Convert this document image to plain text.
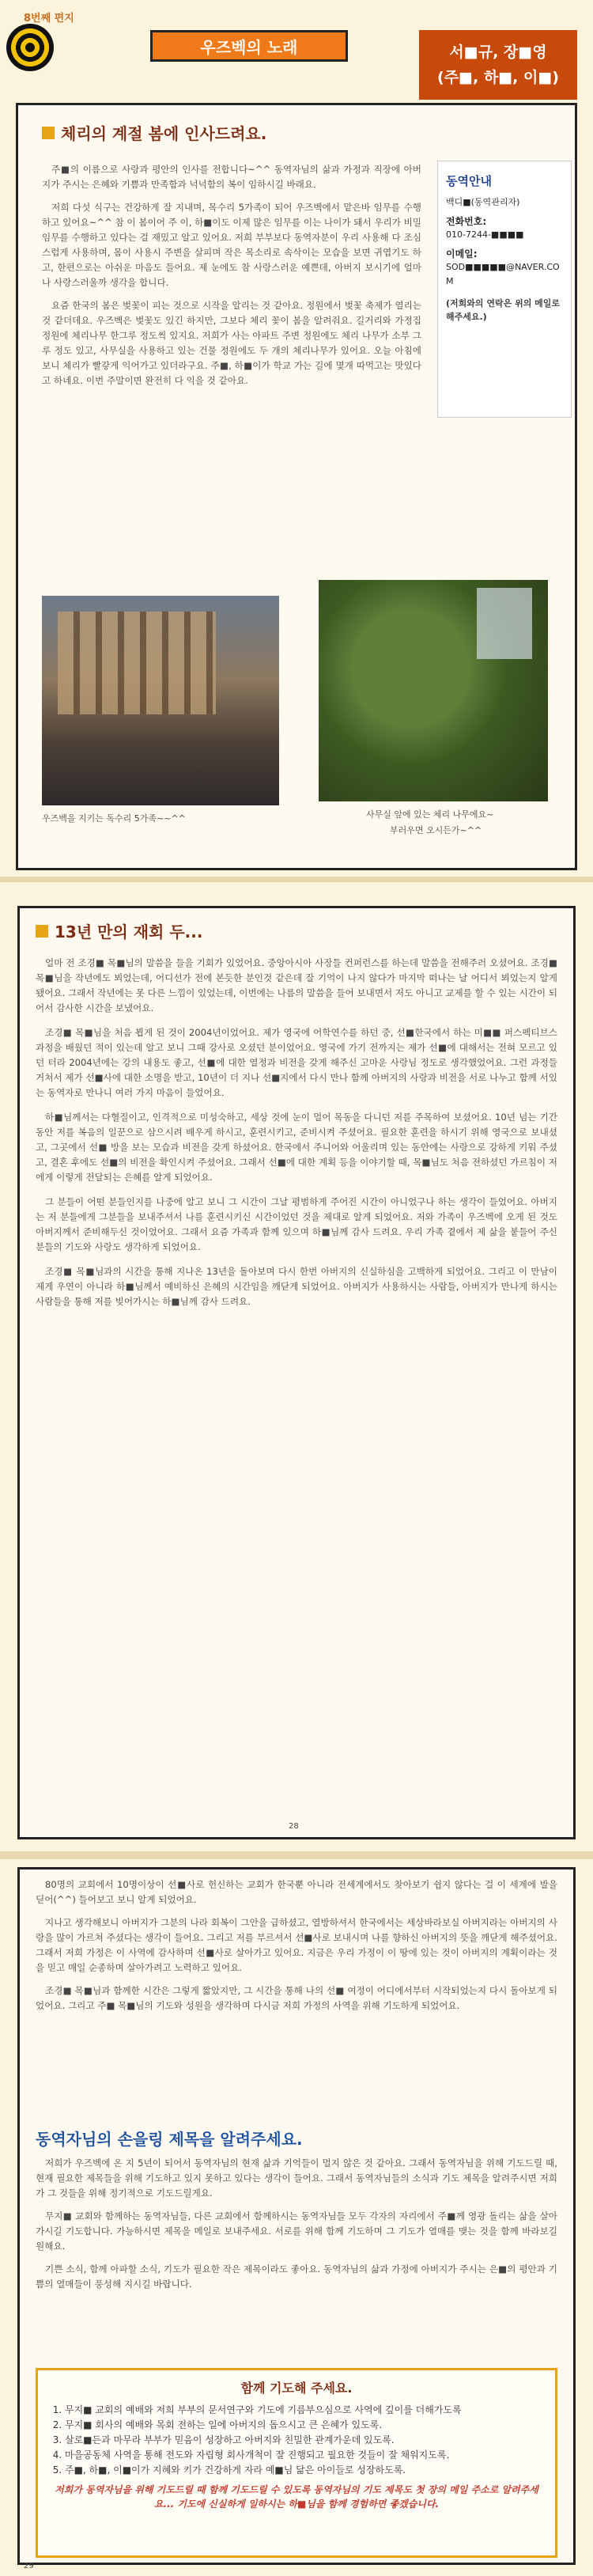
8번째 편지
우즈벡의 노래	서■규, 장■영
(주■, 하■, 이■)
체리의 계절 봄에 인사드려요.

주■의 이름으로 사랑과 평안의 인사를 전합니다~^^ 동역자님의 삶과 가정과 직장에 아버지가 주시는 은혜와 기쁨과 만족함과 넉넉함의 복이 임하시길 바래요.

저희 다섯 식구는 건강하게 잘 지내며, 목수리 5가족이 되어 우즈벡에서 맡은바 임무를 수행하고 있어요~^^ 참 이 봄이어 주 이, 하■이도 이제 많은 임무를 이는 나이가 돼서 우리가 비밀 임무를 수행하고 있다는 걸 재밌고 알고 있어요. 저희 부부보다 동역자분이 우리 사용해 다 조심스럽게 사용하며, 몸이 사용시 주변을 살피며 작은 목소리로 속삭이는 모습을 보면 귀엽기도 하고, 한편으로는 아쉬운 마음도 들어요. 제 눈에도 참 사랑스러운 예쁜데, 아버지 보시기에 얼마나 사랑스러울까 생각을 합니다.

요즘 한국의 봄은 벚꽃이 피는 것으로 시작을 알리는 것 같아요. 정원에서 벚꽃 축제가 열리는 것 같더데요. 우즈벡은 벚꽃도 있긴 하지만, 그보다 체리 꽃이 봄을 알려줘요. 길거리와 가정집 정원에 체리나무 한그루 정도씩 있지요. 저희가 사는 아파트 주변 정원에도 체리 나무가 소부 그루 정도 있고, 사무실을 사용하고 있는 건물 정원에도 두 개의 체리나무가 있어요. 오늘 아침에 보니 체리가 빨갛게 익어가고 있더라구요. 주■, 하■이가 학교 가는 길에 몇개 따먹고는 맛있다고 하네요. 이번 주말이면 완전히 다 익을 것 같아요.

동역안내
백디■(동역관리자)
전화번호:
010-7244-■■■■
이메일:
SOD■■■■■@NAVER.COM
(저희와의 연락은 위의 메일로 해주세요.)
우즈벡을 지키는 독수리 5가족~~^^	사무실 앞에 있는 체리 나무에요~
부러우면 오시든가~^^
13년 만의 재회 두...

얼마 전 조경■ 목■님의 말씀을 들을 기회가 있었어요. 중앙아시아 사장들 컨퍼런스를 하는데 말씀을 전해주러 오셨어요. 조경■ 목■님을 작년에도 뵈었는데, 어디선가 전에 본듯한 분인것 같은데 잘 기억이 나지 않다가 마지막 떠나는 날 어디서 뵈었는지 알게 됐어요. 그래서 작년에는 못 다른 느낌이 있었는데, 이번에는 나름의 말씀을 들어 보내면서 저도 아니고 교제를 할 수 있는 시간이 되어서 감사한 시간을 보냈어요.

조경■ 목■님을 처음 뵙게 된 것이 2004년이었어요. 제가 영국에 어학연수를 하던 중, 선■한국에서 하는 미■■ 퍼스펙티브스 과정을 배웠던 적이 있는데 알고 보니 그때 강사로 오셨던 분이었어요. 영국에 가기 전까지는 제가 선■에 대해서는 전혀 모르고 있던 터라 2004년에는 강의 내용도 좋고, 선■에 대한 열정과 비전을 갖게 해주신 고마운 사랑님 정도로 생각했었어요. 그런 과정들 거쳐서 제가 선■사에 대한 소명을 받고, 10년이 더 지나 선■지에서 다시 만나 함께 아버지의 사랑과 비전을 서로 나누고 함께 서있는 동역자로 만나니 여러 가지 마음이 들었어요.

하■님께서는 다혈질이고, 인격적으로 미성숙하고, 세상 것에 눈이 멀어 목동을 다니던 저를 주목하여 보셨어요. 10년 넘는 기간 동안 저를 복음의 일꾼으로 삼으시려 배우게 하시고, 훈련시키고, 준비시켜 주셨어요. 필요한 훈련을 하시기 위해 영국으로 보내셨고, 그곳에서 선■ 방을 보는 모습과 비전을 갖게 하셨어요. 한국에서 주니어와 어울리며 있는 동안에는 사랑으로 강하게 키워 주셨고, 결혼 후에도 선■의 비전을 확인시켜 주셨어요. 그래서 선■에 대한 계획 등을 이야기할 때, 목■님도 처음 전하셨던 가르침이 저에게 이렇게 전달되는 은혜를 알게 되었어요.

그 분들이 어떤 분들인지를 나중에 알고 보니 그 시간이 그날 평범하게 주어진 시간이 아니었구나 하는 생각이 들었어요. 아버지는 저 분들에게 그분들을 보내주셔서 나를 훈련시키신 시간이었던 것을 제대로 알게 되었어요. 저와 가족이 우즈벡에 오게 된 것도 아버지께서 준비해두신 것이었어요. 그래서 요즘 가족과 함께 있으며 하■님께 감사 드려요. 우리 가족 곁에서 제 삶을 붙들어 주신 분들의 기도와 사랑도 생각하게 되었어요.

조경■ 목■님과의 시간을 통해 지나온 13년을 돌아보며 다시 한번 아버지의 신실하심을 고백하게 되었어요. 그리고 이 만남이 제게 우연이 아니라 하■님께서 예비하신 은혜의 시간임을 깨닫게 되었어요. 아버지가 사용하시는 사람들, 아버지가 만나게 하시는 사람들을 통해 저를 빚어가시는 하■님께 감사 드려요.

28

80명의 교회에서 10명이상이 선■사로 헌신하는 교회가 한국뿐 아니라 전세계에서도 찾아보기 쉽지 않다는 걸 이 세계에 발을 딛어(^^) 들어보고 보니 알게 되었어요.

지나고 생각해보니 아버지가 그분의 나라 회복이 그안을 급하셨고, 열방하셔서 한국에서는 세상바라보실 아버지라는 아버지의 사랑을 많이 가르쳐 주셨다는 생각이 들어요. 그리고 저를 부르셔서 선■사로 보내시며 나를 향하신 아버지의 뜻을 깨닫게 해주셨어요. 그래서 저희 가정은 이 사역에 감사하며 선■사로 살아가고 있어요. 지금은 우리 가정이 이 땅에 있는 것이 아버지의 계획이라는 것을 믿고 매일 순종하며 살아가려고 노력하고 있어요.

조경■ 목■님과 함께한 시간은 그렇게 짧았지만, 그 시간을 통해 나의 선■ 여정이 어디에서부터 시작되었는지 다시 돌아보게 되었어요. 그리고 주■ 목■님의 기도와 성원을 생각하며 다시금 저희 가정의 사역을 위해 기도하게 되었어요.

동역자님의 손을링 제목을 알려주세요.

저희가 우즈벡에 온 지 5년이 되어서 동역자님의 현재 삶과 기억들이 멀지 않은 것 같아요. 그래서 동역자님을 위해 기도드릴 때, 현재 필요한 제목들을 위해 기도하고 있지 못하고 있다는 생각이 들어요. 그래서 동역자님들의 소식과 기도 제목을 알려주시면 저희가 그 것들을 위해 정기적으로 기도드릴게요.

무지■ 교회와 함께하는 동역자님들, 다른 교회에서 함께하시는 동역자님들 모두 각자의 자리에서 주■께 영광 돌리는 삶을 살아가시길 기도합니다. 가능하시면 제목을 메일로 보내주세요. 서로를 위해 함께 기도하며 그 기도가 열매를 맺는 것을 함께 바라보길 원해요.

기쁜 소식, 함께 아파할 소식, 기도가 필요한 작은 제목이라도 좋아요. 동역자님의 삶과 가정에 아버지가 주시는 은■의 평안과 기쁨의 열매들이 풍성해 지시길 바랍니다.

함께 기도해 주세요.
1. 무지■ 교회의 예배와 저희 부부의 문서연구와 기도에 기름부으심으로 사역에 깊이를 더해가도록
2. 무지■ 회사의 예배와 목회 전하는 일에 아버지의 돕으시고 큰 은혜가 있도록.
3. 살로■든과 마무라 부부가 믿음이 성장하고 아버지와 친밀한 관계가운데 있도록.
4. 마을공동체 사역을 통해 전도와 자립형 회사개척이 잘 진행되고 필요한 것들이 잘 채워지도록.
5. 주■, 하■, 이■이가 지혜와 키가 건강하게 자라 예■님 닮은 아이들로 성장하도록.
저희가 동역자님을 위해 기도드릴 때 함께 기도드릴 수 있도록 동역자님의 기도 제목도 첫 장의 메일 주소로 알려주세요... 기도에 신실하게 일하시는 하■님을 함께 경험하면 좋겠습니다.
29
